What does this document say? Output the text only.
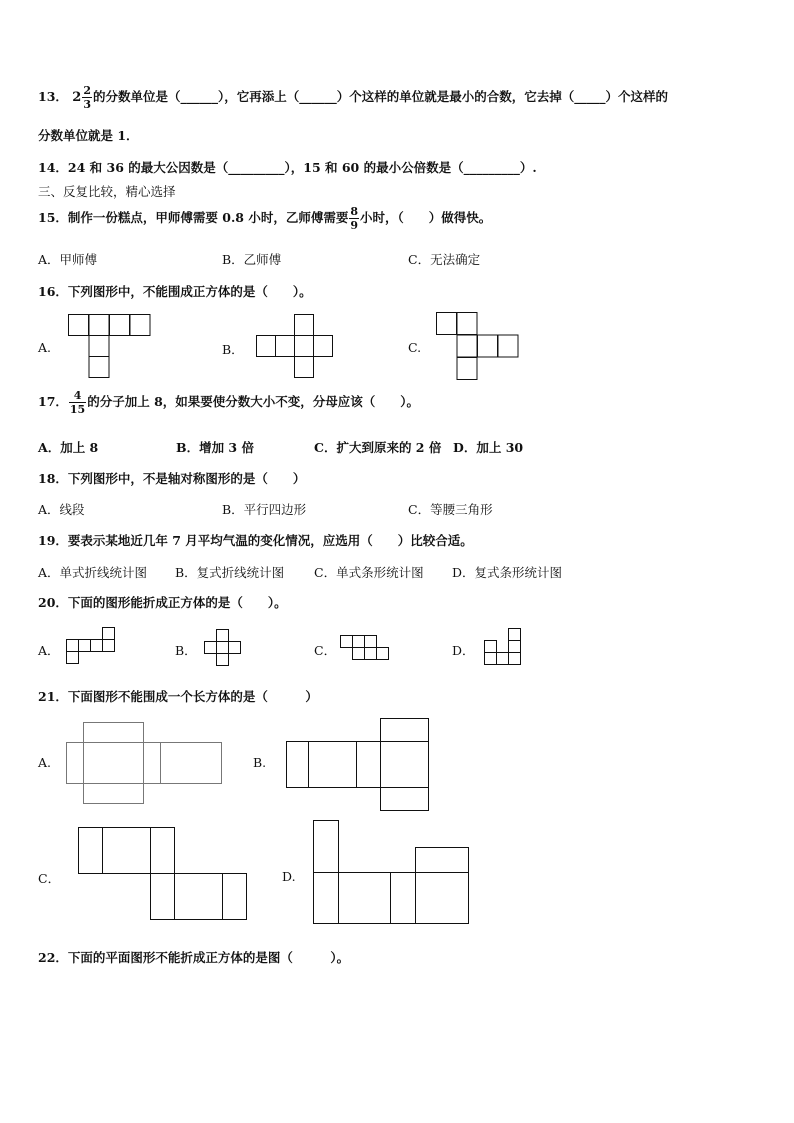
13． $2 \frac{2}{3}$ 的分数单位是（______），它再添上（______）个这样的单位就是最小的合数，它去掉（_____）个这样的
分数单位就是 1．
14．24 和 36 的最大公因数是（_________），15 和 60 的最小公倍数是（_________）.
三、反复比较，精心选择
15．制作一份糕点，甲师傅需要 0.8 小时，乙师傅需要 $\frac{8}{9}$ 小时，（　　）做得快。
A．甲师傅	B．乙师傅	C．无法确定
16．下列图形中，不能围成正方体的是（　　）。
A.	B．	C.
17． $\frac{4}{15}$ 的分子加上 8，如果要使分数大小不变，分母应该（　　）。
A．加上 8	B．增加 3 倍	C．扩大到原来的 2 倍 D．加上 30
18．下列图形中，不是轴对称图形的是（　　）
A．线段	B．平行四边形	C．等腰三角形
19．要表示某地近几年 7 月平均气温的变化情况，应选用（　　）比较合适。
A．单式折线统计图 B．复式折线统计图 C．单式条形统计图 D．复式条形统计图
20．下面的图形能折成正方体的是（　　）。
A．	B．	C．	D．
21．下面图形不能围成一个长方体的是（　　　）
A.	B.
C．	D.
22．下面的平面图形不能折成正方体的是图（　　　）。
